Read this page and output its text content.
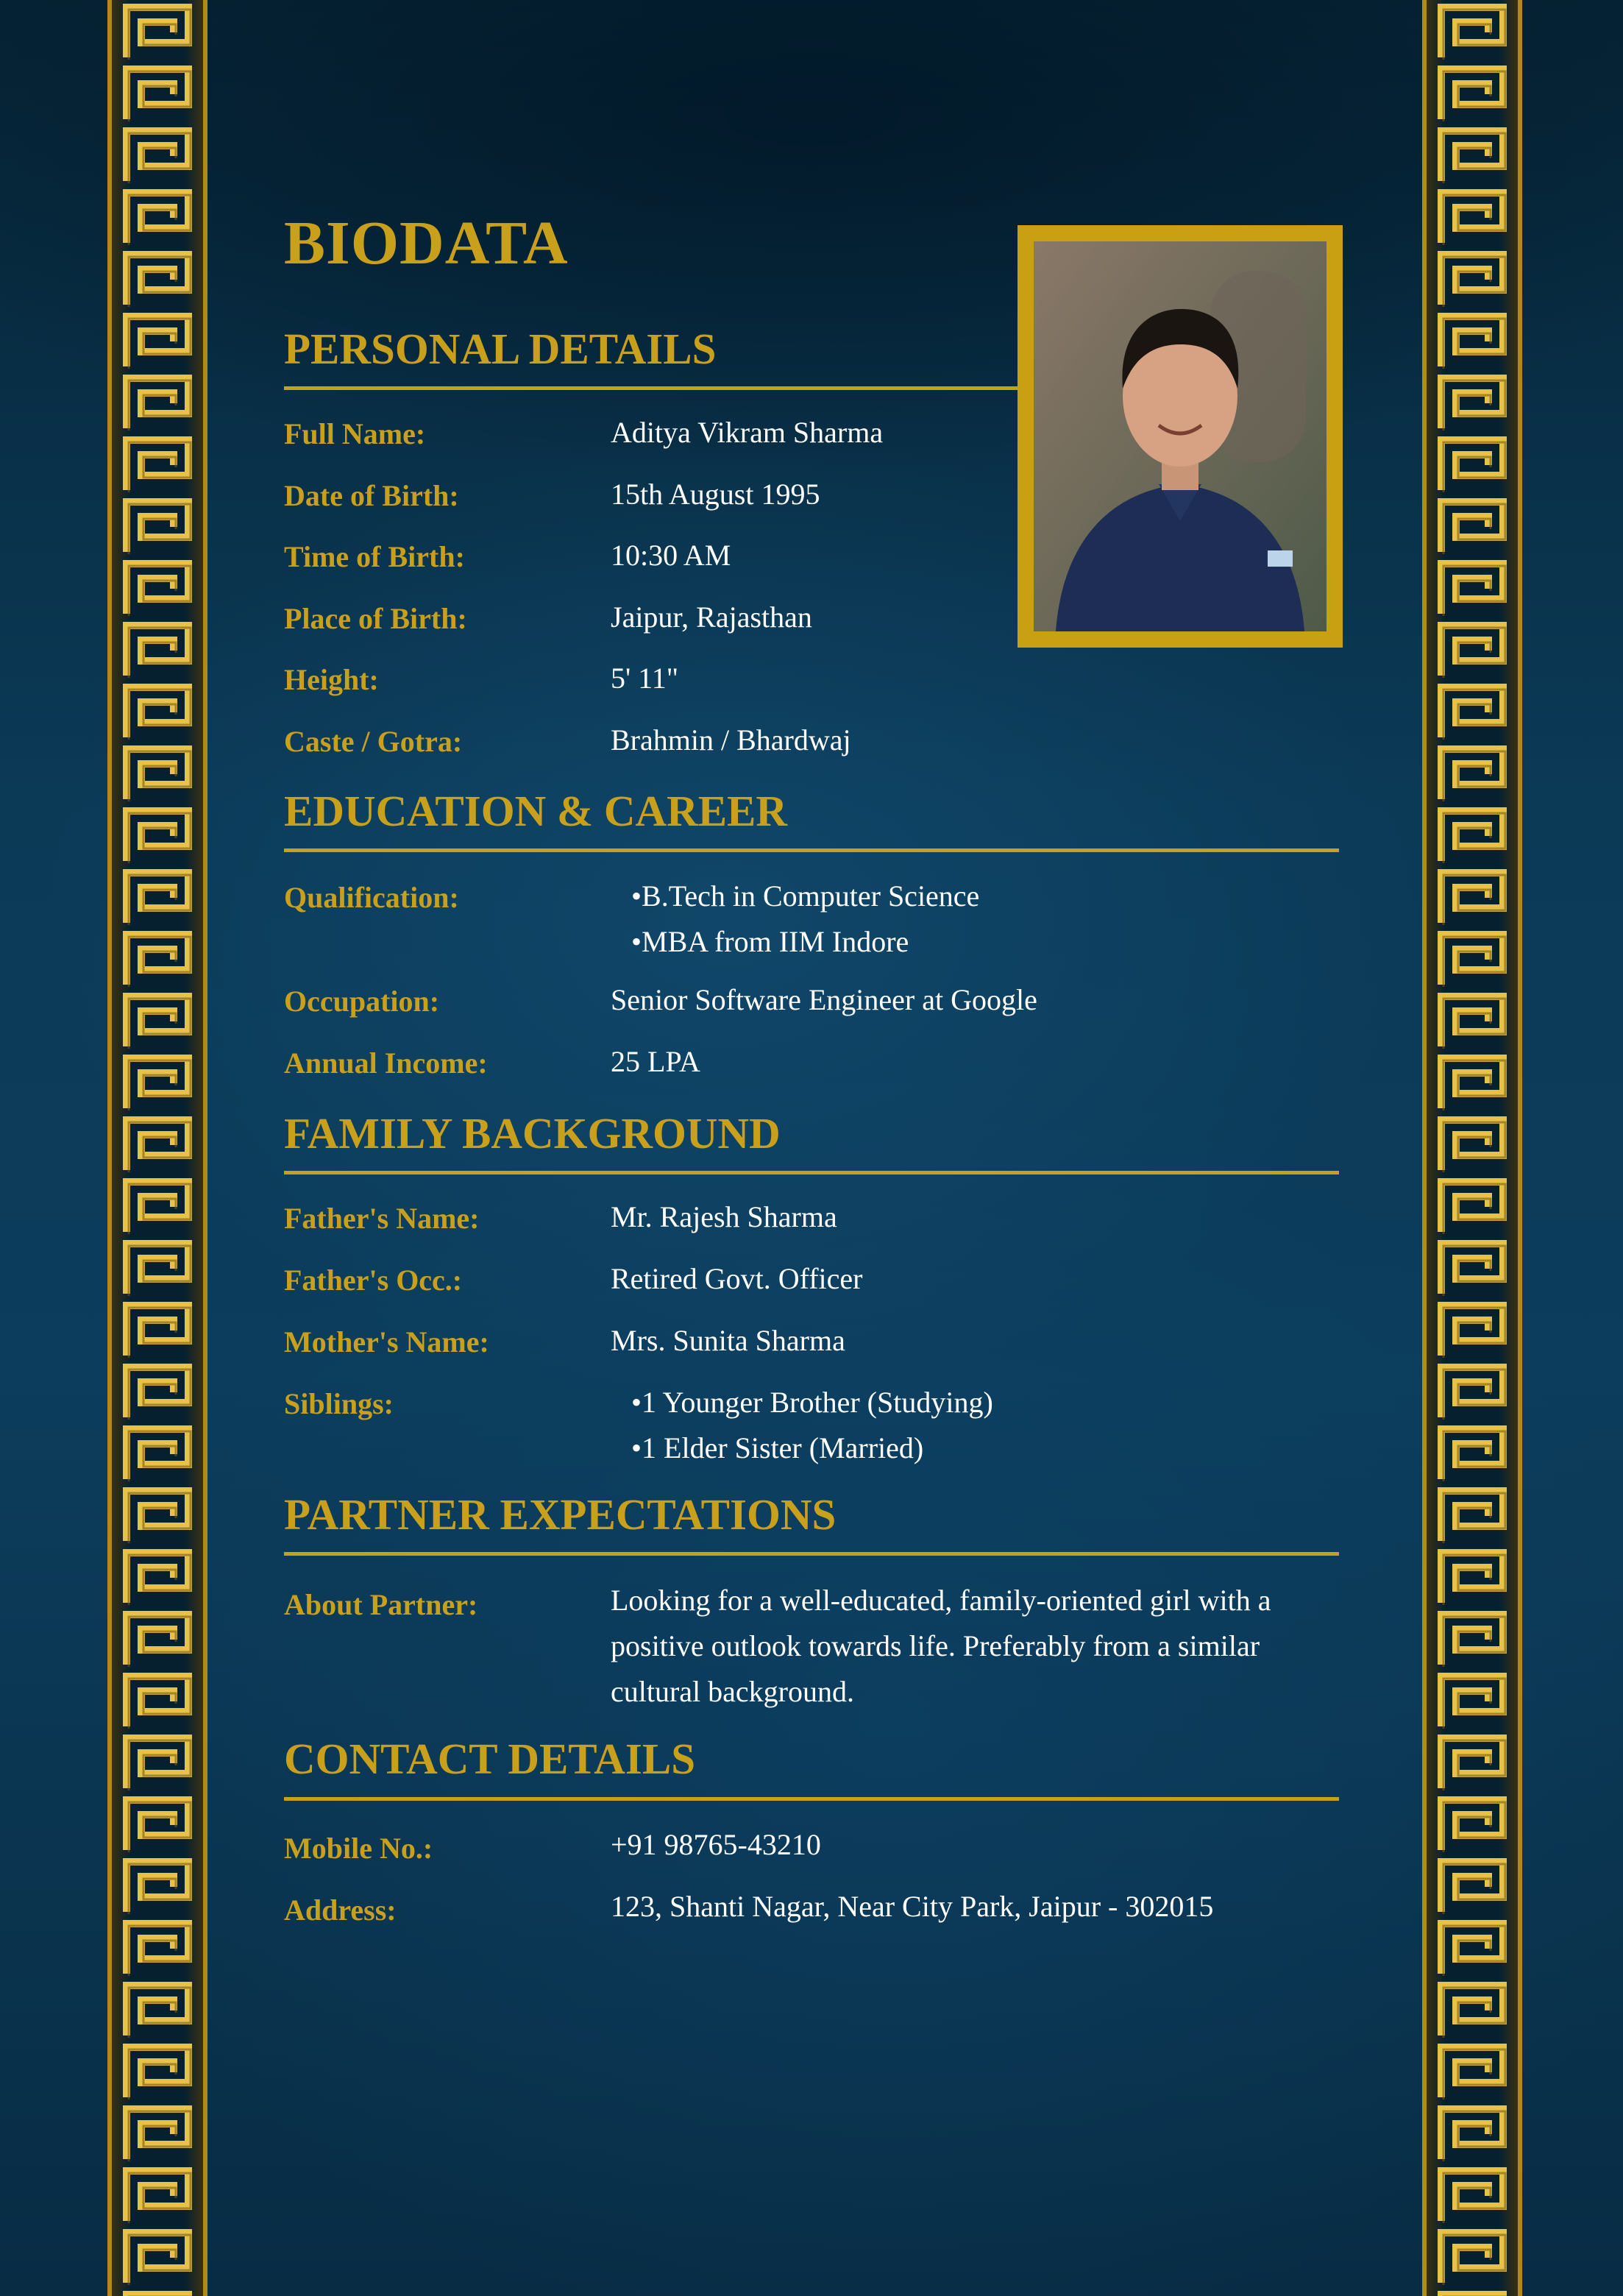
BIODATA
PERSONAL DETAILS
Full Name:	Aditya Vikram Sharma
Date of Birth:	15th August 1995
Time of Birth:	10:30 AM
Place of Birth:	Jaipur, Rajasthan
Height:	5' 11"
Caste / Gotra:	Brahmin / Bhardwaj
EDUCATION & CAREER
Qualification:	• B.Tech in Computer Science
• MBA from IIM Indore
Occupation:	Senior Software Engineer at Google
Annual Income:	25 LPA
FAMILY BACKGROUND
Father's Name:	Mr. Rajesh Sharma
Father's Occ.:	Retired Govt. Officer
Mother's Name:	Mrs. Sunita Sharma
Siblings:	• 1 Younger Brother (Studying)
• 1 Elder Sister (Married)
PARTNER EXPECTATIONS
About Partner:	Looking for a well-educated, family-oriented girl with a positive outlook towards life. Preferably from a similar cultural background.
CONTACT DETAILS
Mobile No.:	+91 98765-43210
Address:	123, Shanti Nagar, Near City Park, Jaipur - 302015
